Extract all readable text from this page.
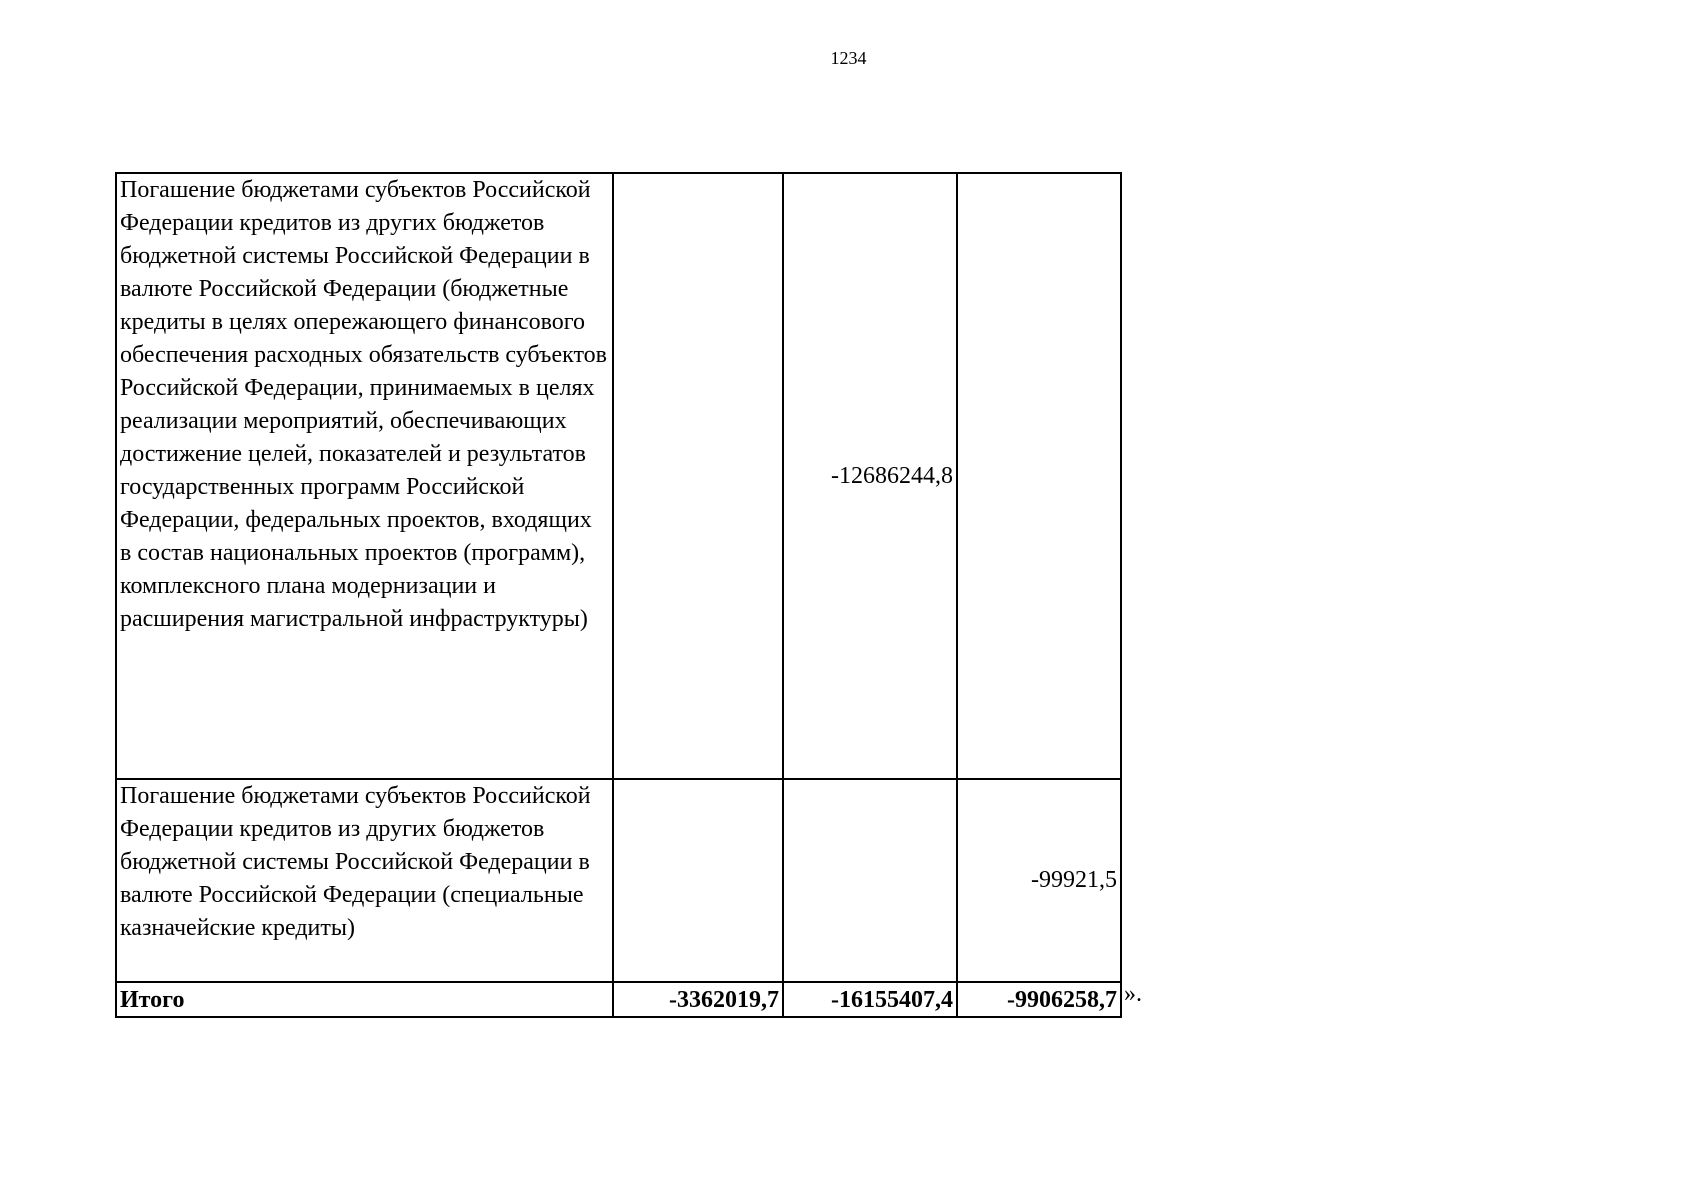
1234
Погашение бюджетами субъектов Российской Федерации кредитов из других бюджетов бюджетной системы Российской Федерации в валюте Российской Федерации (бюджетные кредиты в целях опережающего финансового обеспечения расходных обязательств субъектов Российской Федерации, принимаемых в целях реализации мероприятий, обеспечивающих достижение целей, показателей и результатов государственных программ Российской Федерации, федеральных проектов, входящих в состав национальных проектов (программ), комплексного плана модернизации и расширения магистральной инфраструктуры)		-12686244,8	
Погашение бюджетами субъектов Российской Федерации кредитов из других бюджетов бюджетной системы Российской Федерации в валюте Российской Федерации (специальные казначейские кредиты)			-99921,5
Итого	-3362019,7	-16155407,4	-9906258,7 ».
